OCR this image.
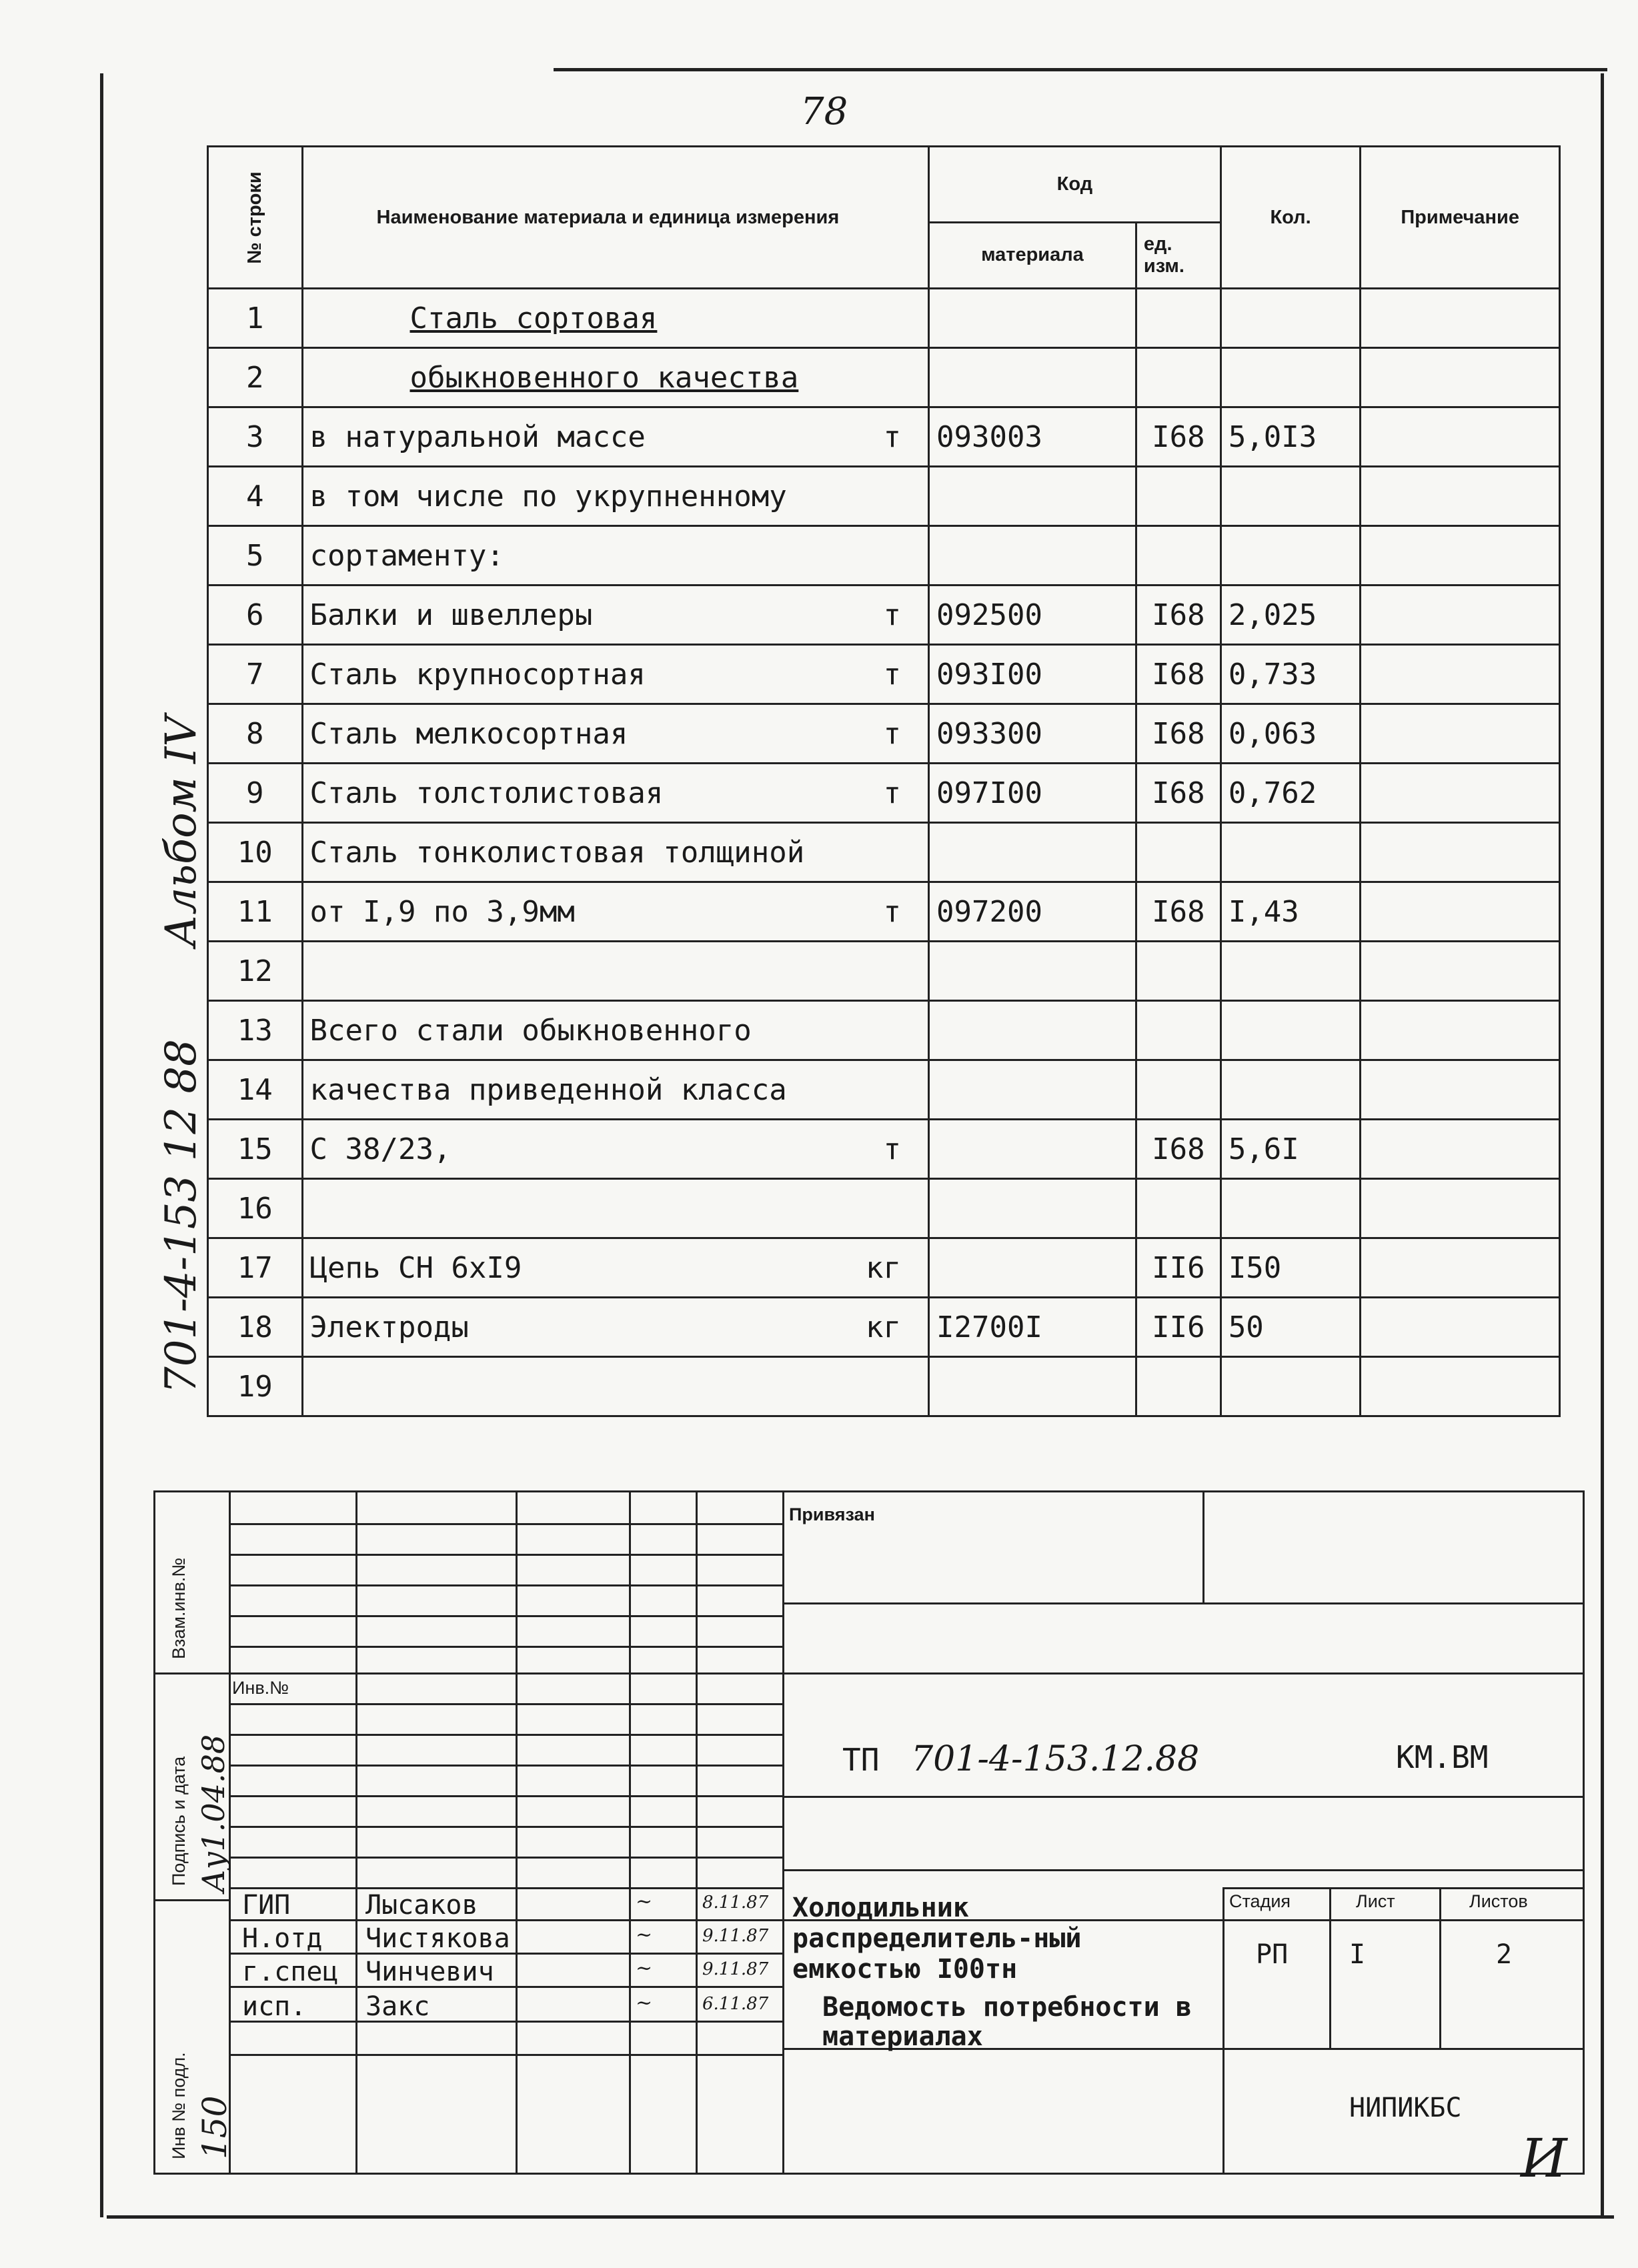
78
Альбом IV
701-4-153 12 88
№ строки	Наименование материала и единица измерения	Код		Кол.	Примечание
		материала	ед. изм.		
1	Сталь сортовая

2	обыкновенного качества

3	в натуральной массе т	093003	I68	5,0I3	
4	в том числе по укрупненному

5	сортаменту:

6	Балки и швеллеры т	092500	I68	2,025	
7	Сталь крупносортная т	093I00	I68	0,733	
8	Сталь мелкосортная т	093300	I68	0,063	
9	Сталь толстолистовая т	097I00	I68	0,762	
10	Сталь тонколистовая толщиной

11	от I,9 по 3,9мм т	097200	I68	I,43	
12	

13	Всего стали обыкновенного

14	качества приведенной класса

15	С 38/23, т		I68	5,6I	
16	

17	Цепь СН 6хI9 кг		II6	I50	
18	Электроды кг	I2700I	II6	50	
19	

Привязан
Инв.№
ТП 701-4-153.12.88	КМ.ВМ
Холодильник распределитель-ный емкостью I00тн
Ведомость потребности в материалах
Стадия	Лист	Листов
РП I	2
НИПИКБС
ГИП	Лысаков	~	8.11.87
Н.отд Чистякова	~	9.11.87
г.спец Чинчевич	~	9.11.87
исп. Закс	~	6.11.87
Взам.инв.№
Подпись и дата
Инв № подл.
Ау1.04.88
150	И
